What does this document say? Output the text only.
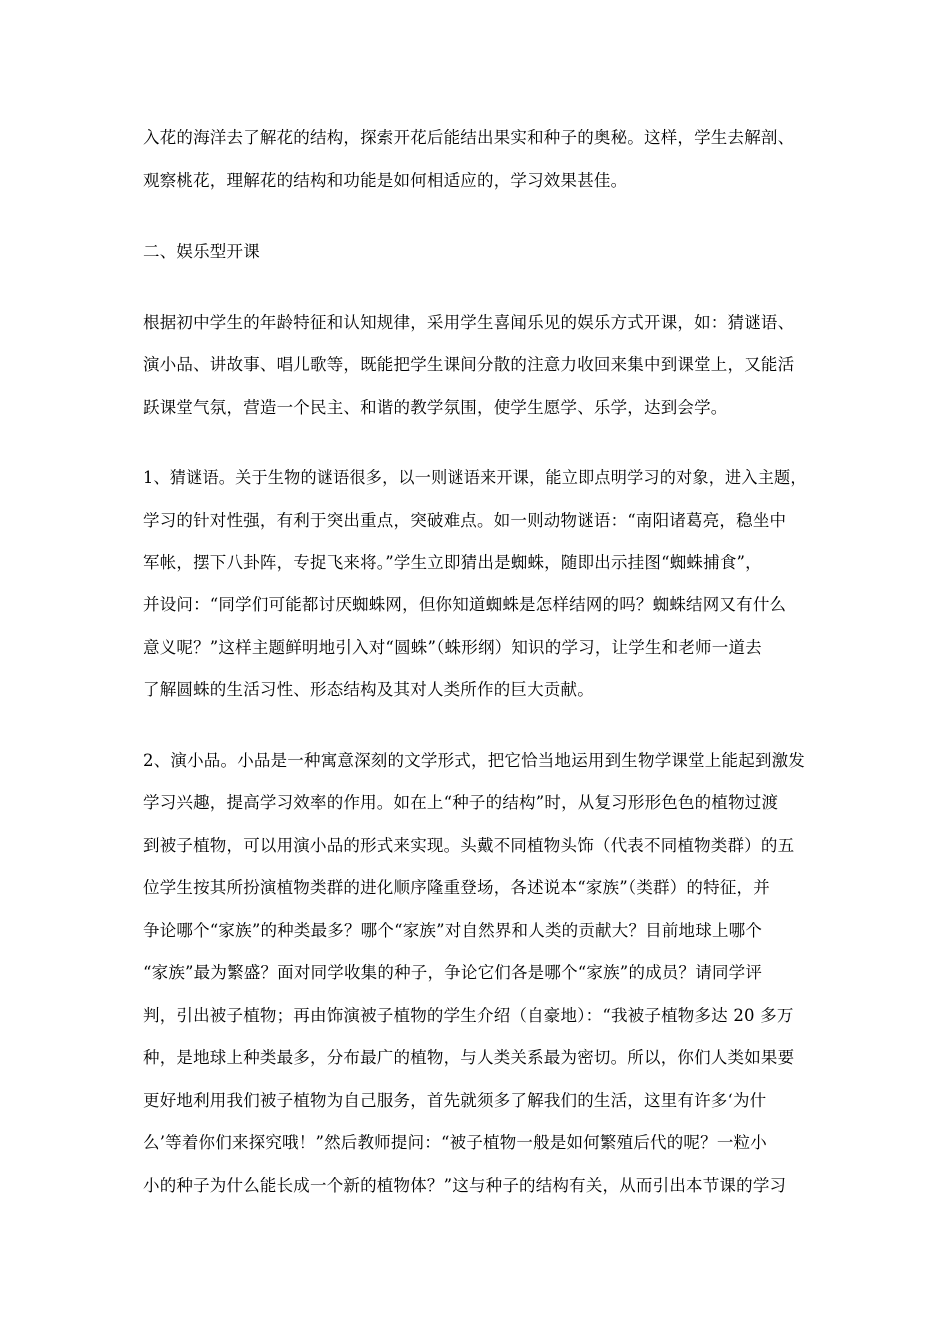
入花的海洋去了解花的结构，探索开花后能结出果实和种子的奥秘。这样，学生去解剖、
观察桃花，理解花的结构和功能是如何相适应的，学习效果甚佳。
二、娱乐型开课
根据初中学生的年龄特征和认知规律，采用学生喜闻乐见的娱乐方式开课，如：猜谜语、
演小品、讲故事、唱儿歌等，既能把学生课间分散的注意力收回来集中到课堂上，又能活
跃课堂气氛，营造一个民主、和谐的教学氛围，使学生愿学、乐学，达到会学。
1、猜谜语。关于生物的谜语很多，以一则谜语来开课，能立即点明学习的对象，进入主题，
学习的针对性强，有利于突出重点，突破难点。如一则动物谜语：“南阳诸葛亮，稳坐中
军帐，摆下八卦阵，专捉飞来将。”学生立即猜出是蜘蛛，随即出示挂图“蜘蛛捕食”，
并设问：“同学们可能都讨厌蜘蛛网，但你知道蜘蛛是怎样结网的吗？蜘蛛结网又有什么
意义呢？”这样主题鲜明地引入对“圆蛛”（蛛形纲）知识的学习，让学生和老师一道去
了解圆蛛的生活习性、形态结构及其对人类所作的巨大贡献。
2、演小品。小品是一种寓意深刻的文学形式，把它恰当地运用到生物学课堂上能起到激发
学习兴趣，提高学习效率的作用。如在上“种子的结构”时，从复习形形色色的植物过渡
到被子植物，可以用演小品的形式来实现。头戴不同植物头饰（代表不同植物类群）的五
位学生按其所扮演植物类群的进化顺序隆重登场，各述说本“家族”（类群）的特征，并
争论哪个“家族”的种类最多？哪个“家族”对自然界和人类的贡献大？目前地球上哪个
“家族”最为繁盛？面对同学收集的种子，争论它们各是哪个“家族”的成员？请同学评
判，引出被子植物；再由饰演被子植物的学生介绍（自豪地）：“我被子植物多达 20 多万
种，是地球上种类最多，分布最广的植物，与人类关系最为密切。所以，你们人类如果要
更好地利用我们被子植物为自己服务，首先就须多了解我们的生活，这里有许多‘为什
么’等着你们来探究哦！”然后教师提问：“被子植物一般是如何繁殖后代的呢？一粒小
小的种子为什么能长成一个新的植物体？”这与种子的结构有关，从而引出本节课的学习
